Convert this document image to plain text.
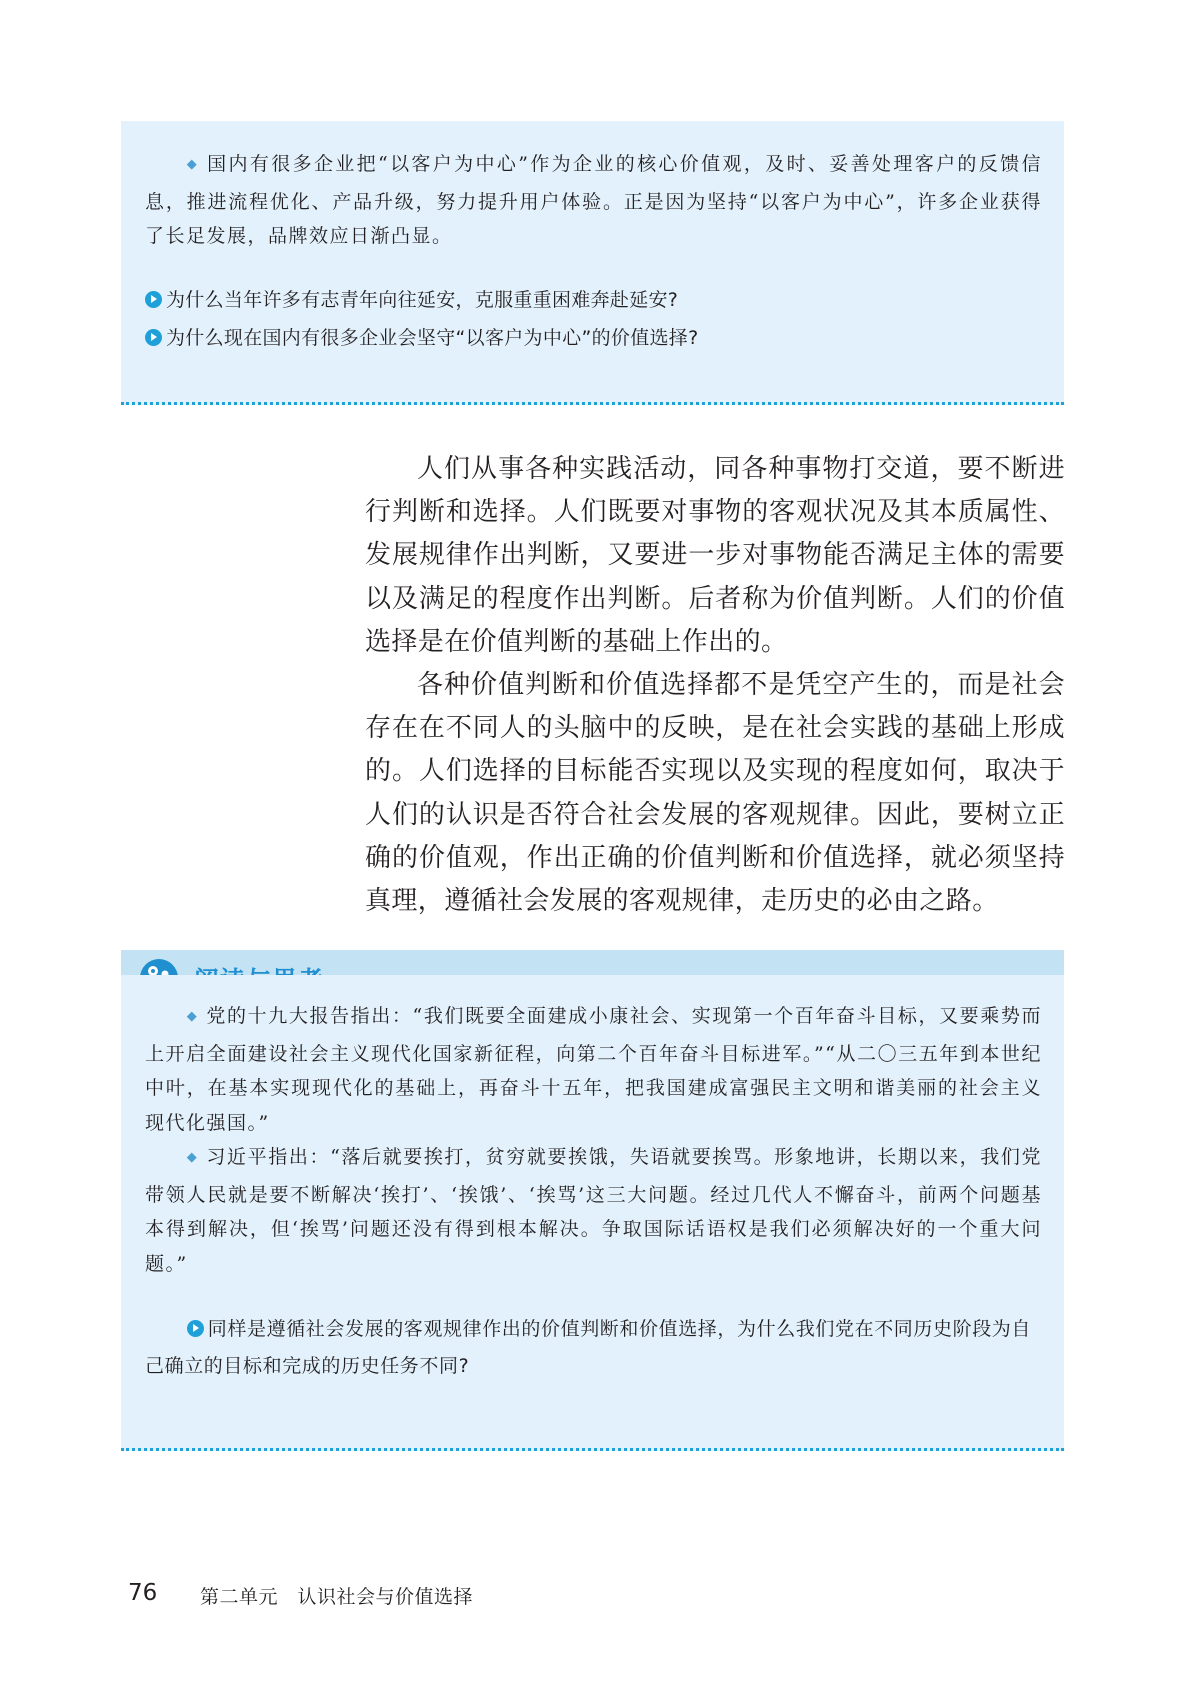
◆ 国内有很多企业把“以客户为中心”作为企业的核心价值观，及时、妥善处理客户的反馈信息，推进流程优化、产品升级，努力提升用户体验。正是因为坚持“以客户为中心”，许多企业获得了长足发展，品牌效应日渐凸显。

为什么当年许多有志青年向往延安，克服重重困难奔赴延安?

为什么现在国内有很多企业会坚守“以客户为中心”的价值选择?

人们从事各种实践活动，同各种事物打交道，要不断进行判断和选择。人们既要对事物的客观状况及其本质属性、发展规律作出判断，又要进一步对事物能否满足主体的需要以及满足的程度作出判断。后者称为价值判断。人们的价值选择是在价值判断的基础上作出的。

各种价值判断和价值选择都不是凭空产生的，而是社会存在在不同人的头脑中的反映，是在社会实践的基础上形成的。人们选择的目标能否实现以及实现的程度如何，取决于人们的认识是否符合社会发展的客观规律。因此，要树立正确的价值观，作出正确的价值判断和价值选择，就必须坚持真理，遵循社会发展的客观规律，走历史的必由之路。

◆ 党的十九大报告指出：“我们既要全面建成小康社会、实现第一个百年奋斗目标，又要乘势而上开启全面建设社会主义现代化国家新征程，向第二个百年奋斗目标进军。”“从二〇三五年到本世纪中叶，在基本实现现代化的基础上，再奋斗十五年，把我国建成富强民主文明和谐美丽的社会主义现代化强国。”

◆ 习近平指出：“落后就要挨打，贫穷就要挨饿，失语就要挨骂。形象地讲，长期以来，我们党带领人民就是要不断解决‘挨打’、‘挨饿’、‘挨骂’这三大问题。经过几代人不懈奋斗，前两个问题基本得到解决，但‘挨骂’问题还没有得到根本解决。争取国际话语权是我们必须解决好的一个重大问题。”

同样是遵循社会发展的客观规律作出的价值判断和价值选择，为什么我们党在不同历史阶段为自己确立的目标和完成的历史任务不同?

76 第二单元　认识社会与价值选择
